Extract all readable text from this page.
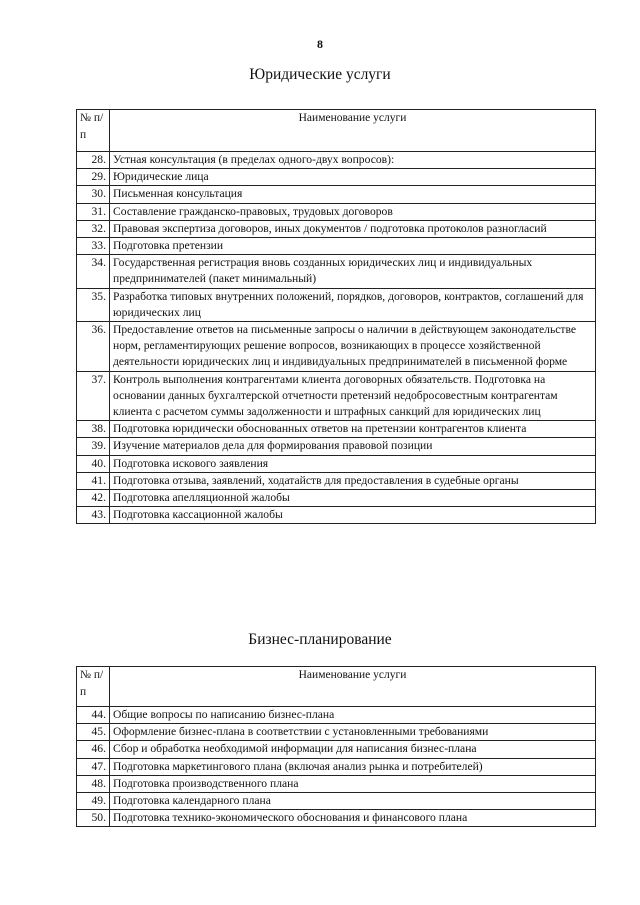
8
Юридические услуги
№ п/п	Наименование услуги
28.	Устная консультация (в пределах одного-двух вопросов):
29.	Юридические лица
30.	Письменная консультация
31.	Составление гражданско-правовых, трудовых договоров
32.	Правовая экспертиза договоров, иных документов / подготовка протоколов разногласий
33.	Подготовка претензии
34.	Государственная регистрация вновь созданных юридических лиц и индивидуальных предпринимателей (пакет минимальный)
35.	Разработка типовых внутренних положений, порядков, договоров, контрактов, соглашений для юридических лиц
36.	Предоставление ответов на письменные запросы о наличии в действующем законодательстве норм, регламентирующих решение вопросов, возникающих в процессе хозяйственной деятельности юридических лиц и индивидуальных предпринимателей в письменной форме
37.	Контроль выполнения контрагентами клиента договорных обязательств. Подготовка на основании данных бухгалтерской отчетности претензий недобросовестным контрагентам клиента с расчетом суммы задолженности и штрафных санкций для юридических лиц
38.	Подготовка юридически обоснованных ответов на претензии контрагентов клиента
39.	Изучение материалов дела для формирования правовой позиции
40.	Подготовка искового заявления
41.	Подготовка отзыва, заявлений, ходатайств для предоставления в судебные органы
42.	Подготовка апелляционной жалобы
43.	Подготовка кассационной жалобы
Бизнес-планирование
№ п/п	Наименование услуги
44.	Общие вопросы по написанию бизнес-плана
45.	Оформление бизнес-плана в соответствии с установленными требованиями
46.	Сбор и обработка необходимой информации для написания бизнес-плана
47.	Подготовка маркетингового плана (включая анализ рынка и потребителей)
48.	Подготовка производственного плана
49.	Подготовка календарного плана
50.	Подготовка технико-экономического обоснования и финансового плана
